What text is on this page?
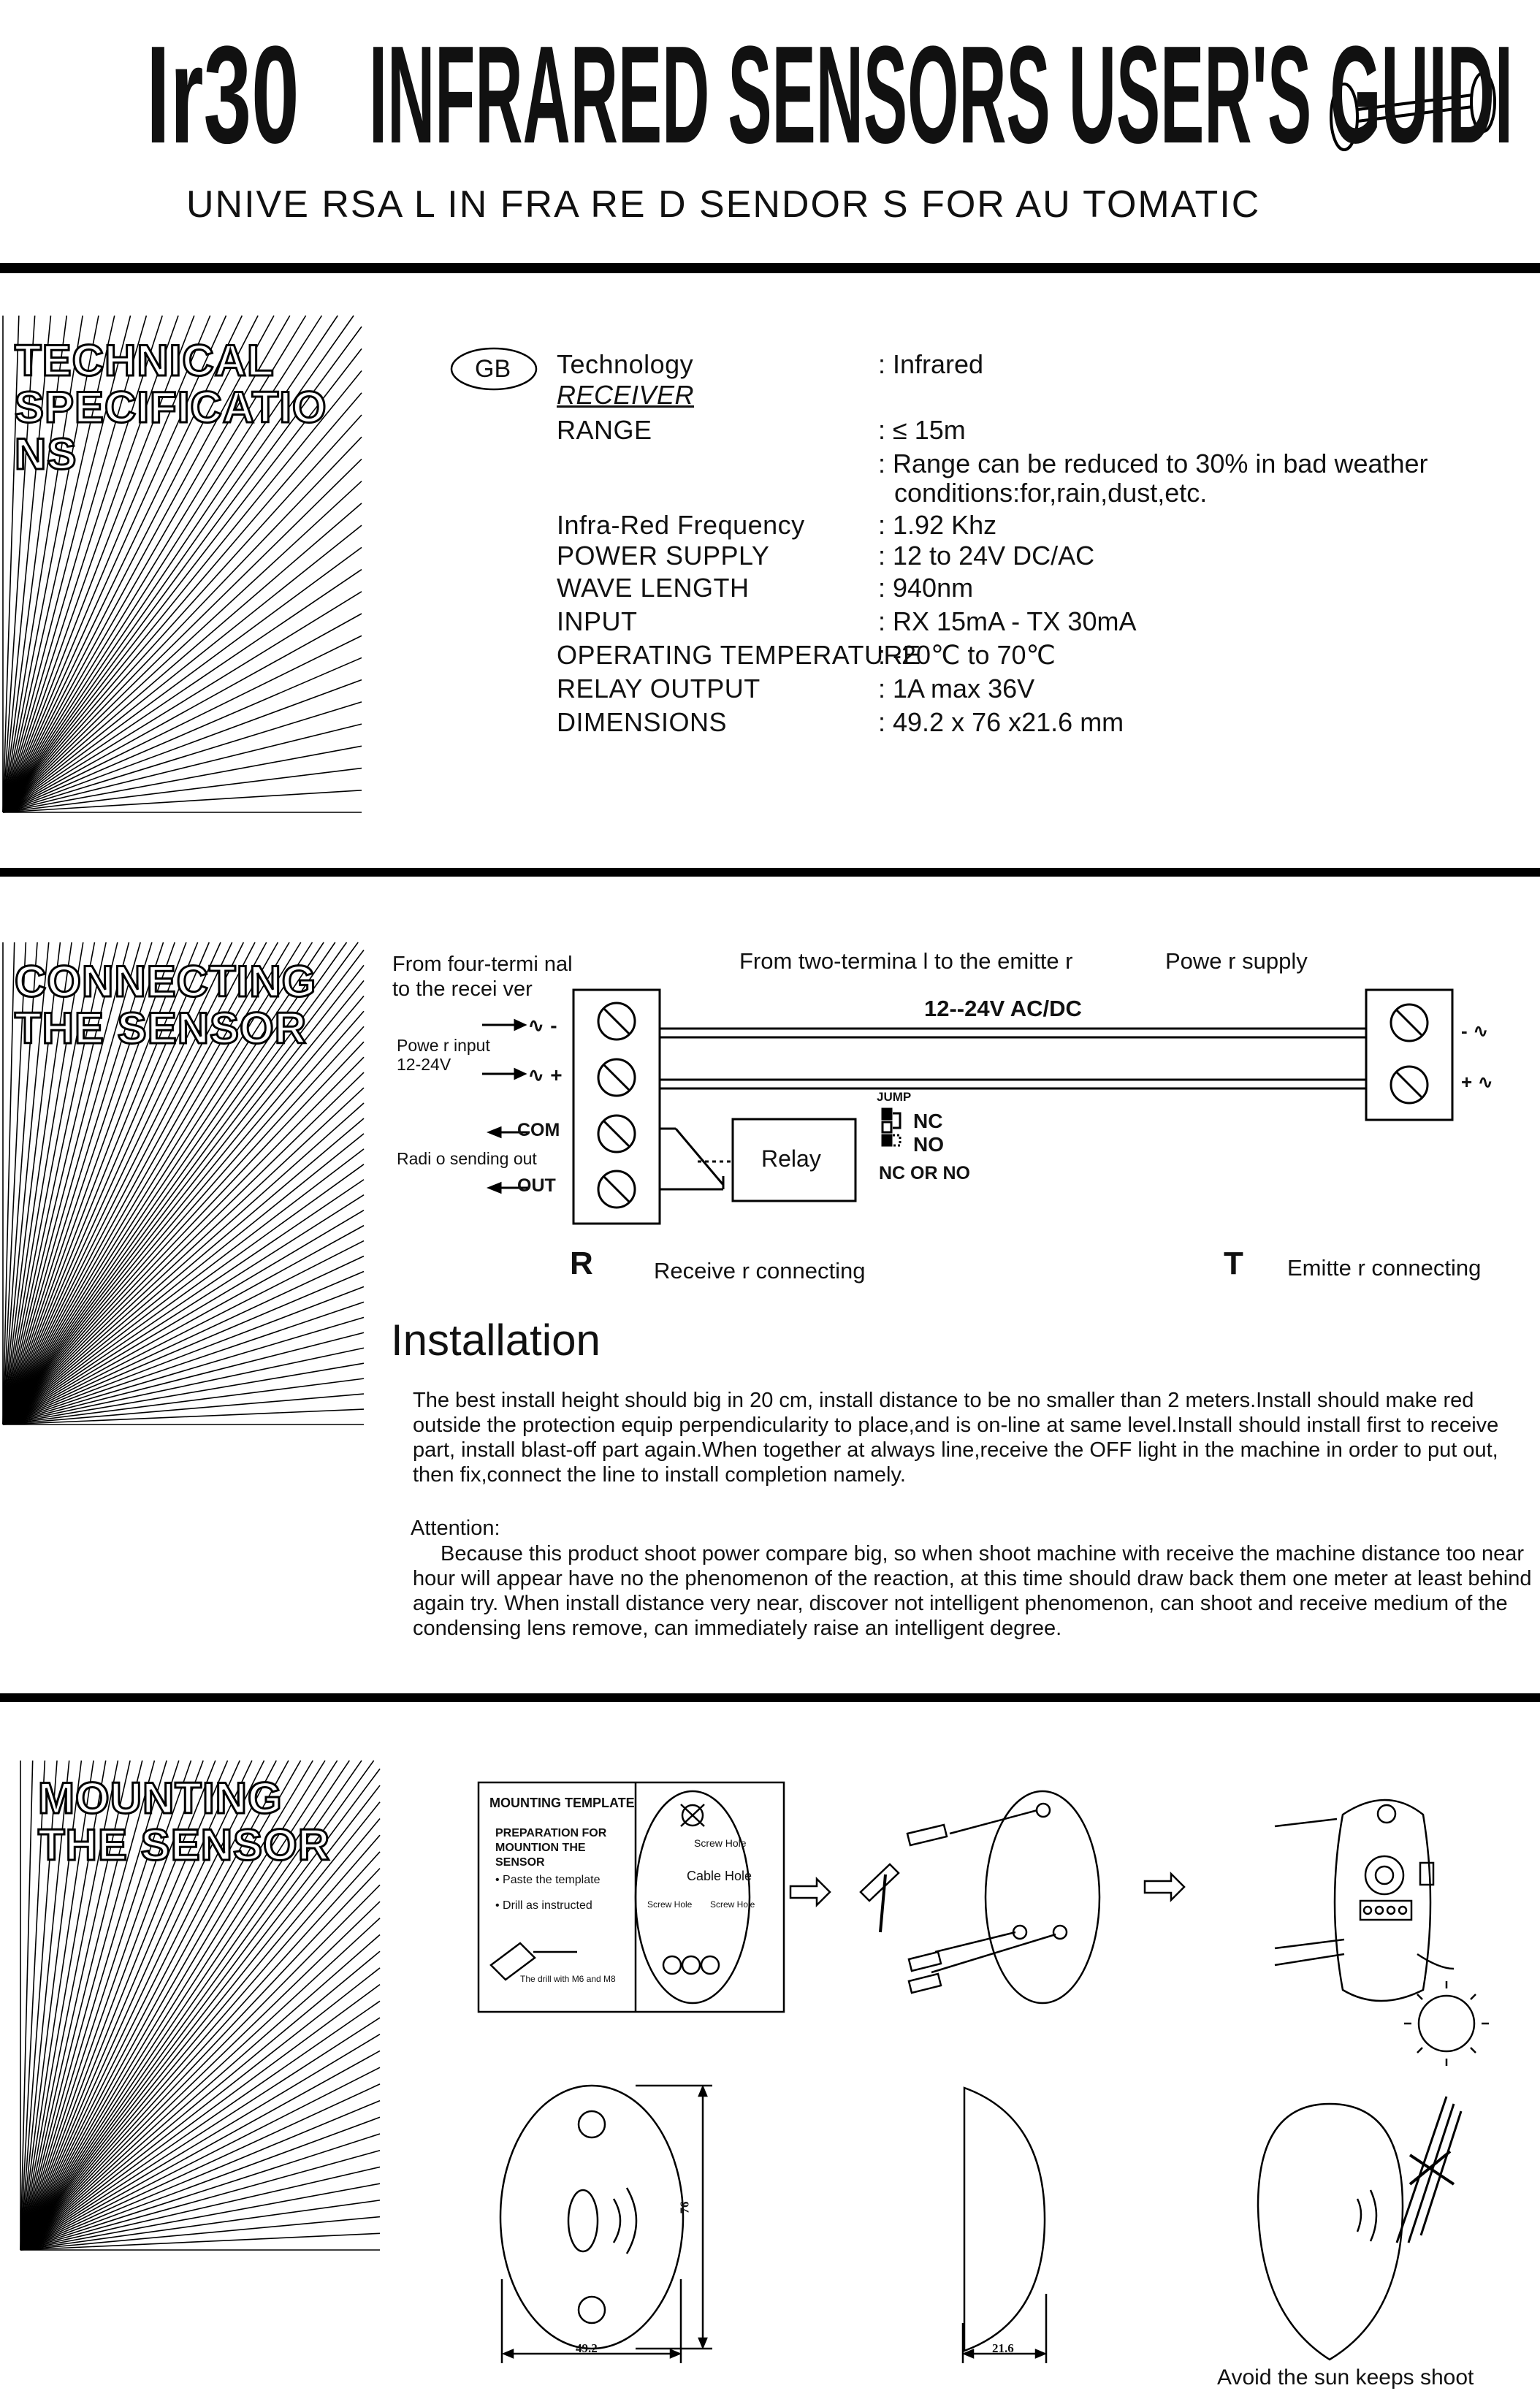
Ir30 INFRARED SENSORS USER'S GUIDI
UNIVE RSA L IN FRA RE D SENDOR S FOR AU TOMATIC
TECHNICAL SPECIFICATIO NS
GB Technology	: Infrared
RECEIVER
RANGE	: ≤ 15m
: Range can be reduced to 30% in bad weather
conditions:for,rain,dust,etc.
Infra-Red Frequency	: 1.92 Khz
POWER SUPPLY	: 12 to 24V DC/AC
WAVE LENGTH	: 940nm
INPUT	: RX 15mA - TX 30mA
OPERATING TEMPERATURE
: -20℃ to 70℃
RELAY OUTPUT	: 1A max 36V
DIMENSIONS	: 49.2 x 76 x21.6 mm
CONNECTING THE SENSOR
From four-termi nal
to the recei ver
From two-termina l to the emitte r	Powe r supply
12--24V AC/DC
Powe r input
12-24V
∿ -
∿ +
COM
Radi o sending out
OUT
Relay
JUMP
NC
NO
NC OR NO
- ∿
+ ∿
R	Receive r connecting	T Emitte r connecting
Installation
The best install height should big in 20 cm, install distance to be no smaller than 2 meters.Install should make red outside the protection equip perpendicularity to place,and is on-line at same level.Install should install first to receive part, install blast-off part again.When together at always line,receive the OFF light in the machine in order to put out, then fix,connect the line to install completion namely.
Attention:
Because this product shoot power compare big, so when shoot machine with receive the machine distance too near hour will appear have no the phenomenon of the reaction, at this time should draw back them one meter at least behind again try. When install distance very near, discover not intelligent phenomenon, can shoot and receive medium of the condensing lens remove, can immediately raise an intelligent degree.
MOUNTING THE SENSOR
MOUNTING TEMPLATE
PREPARATION FOR MOUNTION THE SENSOR
• Paste the template
• Drill as instructed
The drill with M6 and M8
Screw Hole
Cable Hole
Screw Hole Screw Hole
49.2
76
21.6
Avoid the sun keeps shoot
